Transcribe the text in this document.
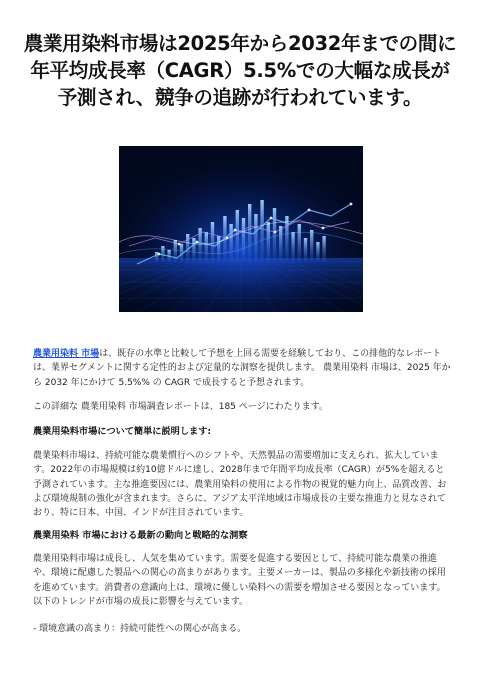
農業用染料市場は2025年から2032年までの間に年平均成長率（CAGR）5.5%での大幅な成長が予測され、競争の追跡が行われています。

農業用染料 市場は、既存の水準と比較して予想を上回る需要を経験しており、この排他的なレポートは、業界セグメントに関する定性的および定量的な洞察を提供します。 農業用染料 市場は、2025 年から 2032 年にかけて 5.5%% の CAGR で成長すると予想されます。

この詳細な 農業用染料 市場調査レポートは、185 ページにわたります。

農業用染料市場について簡単に説明します:

農業染料市場は、持続可能な農業慣行へのシフトや、天然製品の需要増加に支えられ、拡大しています。2022年の市場規模は約10億ドルに達し、2028年まで年間平均成長率（CAGR）が5%を超えると予測されています。主な推進要因には、農業用染料の使用による作物の視覚的魅力向上、品質改善、および環境規制の強化が含まれます。さらに、アジア太平洋地域は市場成長の主要な推進力と見なされており、特に日本、中国、インドが注目されています。

農業用染料 市場における最新の動向と戦略的な洞察

農業用染料市場は成長し、人気を集めています。需要を促進する要因として、持続可能な農業の推進や、環境に配慮した製品への関心の高まりがあります。主要メーカーは、製品の多様化や新技術の採用を進めています。消費者の意識向上は、環境に優しい染料への需要を増加させる要因となっています。以下のトレンドが市場の成長に影響を与えています。

- 環境意識の高まり：持続可能性への関心が高まる。
